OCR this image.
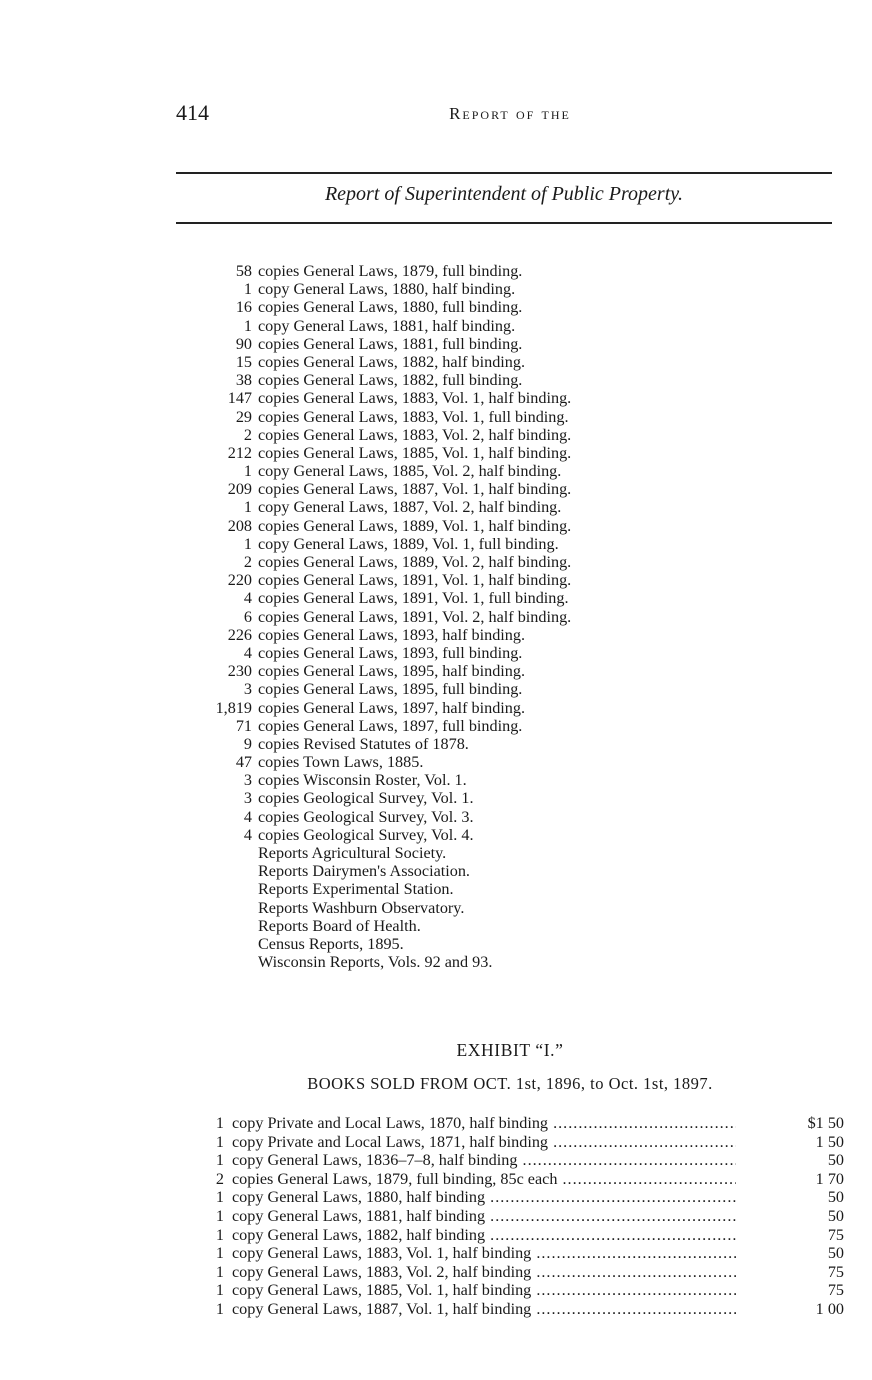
414	Report of the
Report of Superintendent of Public Property.
58 copies General Laws, 1879, full binding.
1 copy General Laws, 1880, half binding.
16 copies General Laws, 1880, full binding.
1 copy General Laws, 1881, half binding.
90 copies General Laws, 1881, full binding.
15 copies General Laws, 1882, half binding.
38 copies General Laws, 1882, full binding.
147 copies General Laws, 1883, Vol. 1, half binding.
29 copies General Laws, 1883, Vol. 1, full binding.
2 copies General Laws, 1883, Vol. 2, half binding.
212 copies General Laws, 1885, Vol. 1, half binding.
1 copy General Laws, 1885, Vol. 2, half binding.
209 copies General Laws, 1887, Vol. 1, half binding.
1 copy General Laws, 1887, Vol. 2, half binding.
208 copies General Laws, 1889, Vol. 1, half binding.
1 copy General Laws, 1889, Vol. 1, full binding.
2 copies General Laws, 1889, Vol. 2, half binding.
220 copies General Laws, 1891, Vol. 1, half binding.
4 copies General Laws, 1891, Vol. 1, full binding.
6 copies General Laws, 1891, Vol. 2, half binding.
226 copies General Laws, 1893, half binding.
4 copies General Laws, 1893, full binding.
230 copies General Laws, 1895, half binding.
3 copies General Laws, 1895, full binding.
1,819 copies General Laws, 1897, half binding.
71 copies General Laws, 1897, full binding.
9 copies Revised Statutes of 1878.
47 copies Town Laws, 1885.
3 copies Wisconsin Roster, Vol. 1.
3 copies Geological Survey, Vol. 1.
4 copies Geological Survey, Vol. 3.
4 copies Geological Survey, Vol. 4.
Reports Agricultural Society.
Reports Dairymen's Association.
Reports Experimental Station.
Reports Washburn Observatory.
Reports Board of Health.
Census Reports, 1895.
Wisconsin Reports, Vols. 92 and 93.
EXHIBIT “I.”
BOOKS SOLD FROM OCT. 1st, 1896, to Oct. 1st, 1897.
1 copy Private and Local Laws, 1870, half binding .....	$1 50
1 copy Private and Local Laws, 1871, half binding .....	1 50
1 copy General Laws, 1836–7–8, half binding .....	50
2 copies General Laws, 1879, full binding, 85c each .....	1 70
1 copy General Laws, 1880, half binding .....	50
1 copy General Laws, 1881, half binding .....	50
1 copy General Laws, 1882, half binding .....	75
1 copy General Laws, 1883, Vol. 1, half binding .....	50
1 copy General Laws, 1883, Vol. 2, half binding .....	75
1 copy General Laws, 1885, Vol. 1, half binding .....	75
1 copy General Laws, 1887, Vol. 1, half binding .....	1 00
